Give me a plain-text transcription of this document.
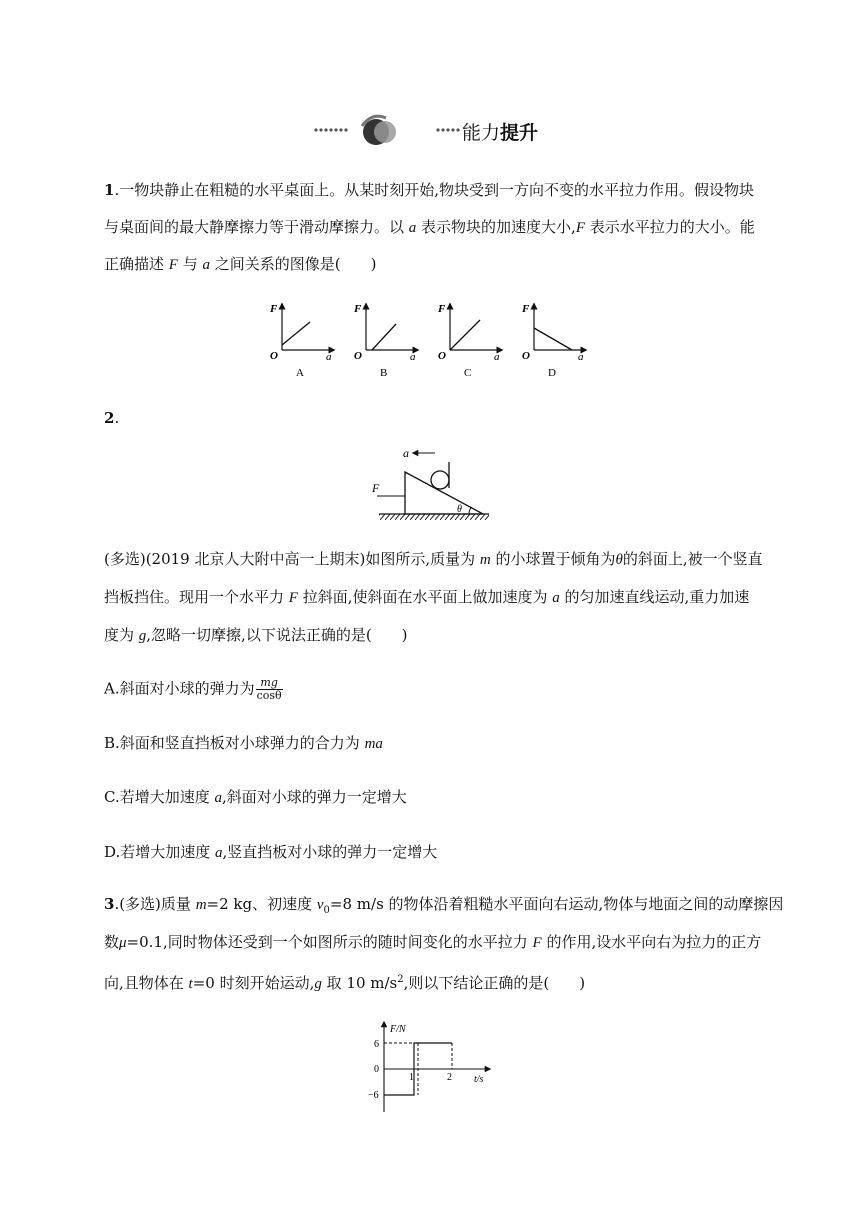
能力提升
1.一物块静止在粗糙的水平桌面上。从某时刻开始,物块受到一方向不变的水平拉力作用。假设物块
与桌面间的最大静摩擦力等于滑动摩擦力。以 a 表示物块的加速度大小,F 表示水平拉力的大小。能
正确描述 F 与 a 之间关系的图像是(　　)
F
O	a
A
F
O	a
B
F
O	a
C
F
O	a
D
2.
a
F
θ
(多选)(2019 北京人大附中高一上期末)如图所示,质量为 m 的小球置于倾角为θ的斜面上,被一个竖直
挡板挡住。现用一个水平力 F 拉斜面,使斜面在水平面上做加速度为 a 的匀加速直线运动,重力加速
度为 g,忽略一切摩擦,以下说法正确的是(　　)
A.斜面对小球的弹力为 $\frac{mg}{\cos\theta}$
B.斜面和竖直挡板对小球弹力的合力为 ma
C.若增大加速度 a,斜面对小球的弹力一定增大
D.若增大加速度 a,竖直挡板对小球的弹力一定增大
3.(多选)质量 m=2 kg、初速度 $v_0=8$ m/s 的物体沿着粗糙水平面向右运动,物体与地面之间的动摩擦因
数μ=0.1,同时物体还受到一个如图所示的随时间变化的水平拉力 F 的作用,设水平向右为拉力的正方
向,且物体在 t=0 时刻开始运动,g 取 10 $m/s^2$,则以下结论正确的是(　　)
F/N
t/s
6
0
−6
1	2
